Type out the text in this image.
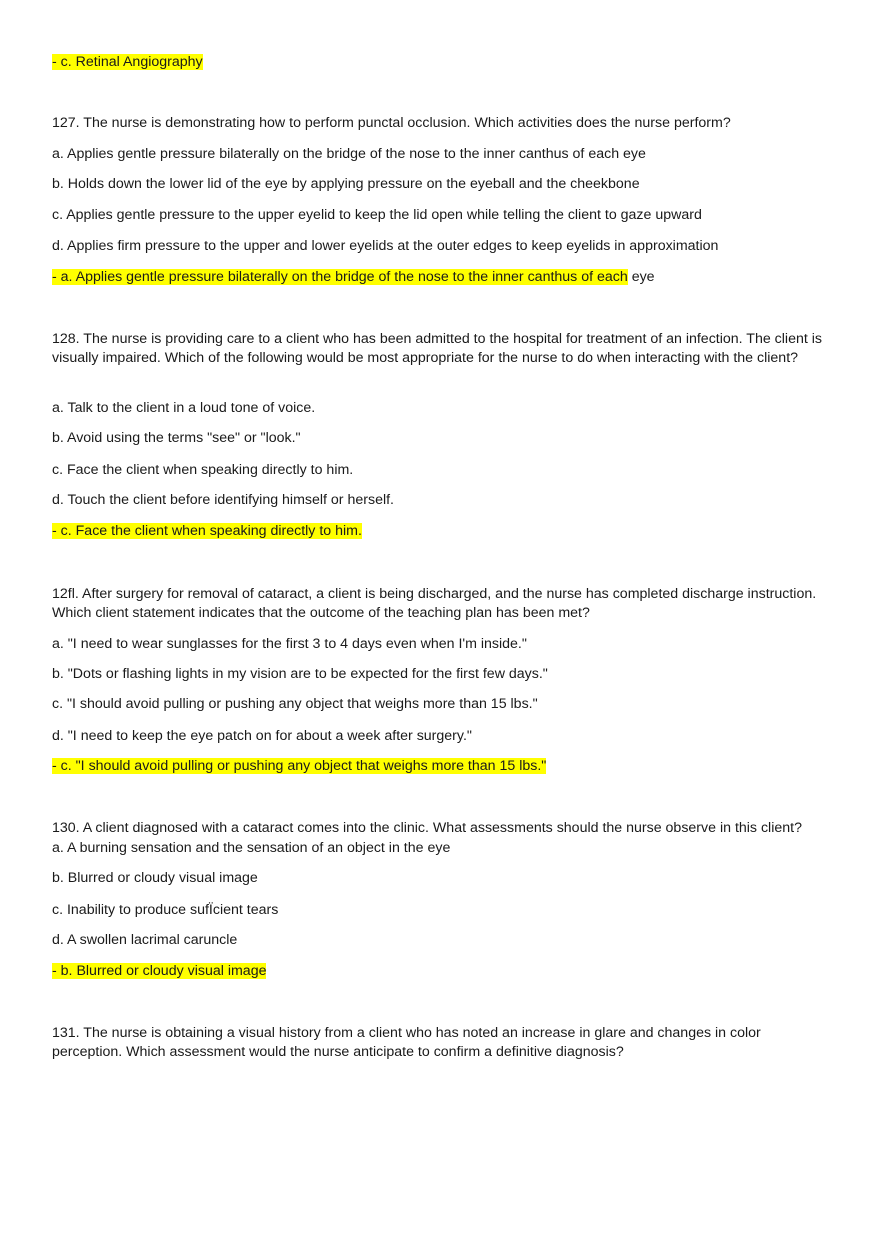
- c. Retinal Angiography
127. The nurse is demonstrating how to perform punctal occlusion. Which activities does the nurse perform?
a. Applies gentle pressure bilaterally on the bridge of the nose to the inner canthus of each eye
b. Holds down the lower lid of the eye by applying pressure on the eyeball and the cheekbone
c. Applies gentle pressure to the upper eyelid to keep the lid open while telling the client to gaze upward
d. Applies firm pressure to the upper and lower eyelids at the outer edges to keep eyelids in approximation
- a. Applies gentle pressure bilaterally on the bridge of the nose to the inner canthus of each eye
128. The nurse is providing care to a client who has been admitted to the hospital for treatment of an infection. The client is visually impaired. Which of the following would be most appropriate for the nurse to do when interacting with the client?
a. Talk to the client in a loud tone of voice.
b. Avoid using the terms "see" or "look."
c. Face the client when speaking directly to him.
d. Touch the client before identifying himself or herself.
- c. Face the client when speaking directly to him.
12fl. After surgery for removal of cataract, a client is being discharged, and the nurse has completed discharge instruction. Which client statement indicates that the outcome of the teaching plan has been met?
a. "I need to wear sunglasses for the first 3 to 4 days even when I'm inside."
b. "Dots or flashing lights in my vision are to be expected for the first few days."
c. "I should avoid pulling or pushing any object that weighs more than 15 lbs."
d. "I need to keep the eye patch on for about a week after surgery."
- c. "I should avoid pulling or pushing any object that weighs more than 15 lbs."
130. A client diagnosed with a cataract comes into the clinic. What assessments should the nurse observe in this client?
a. A burning sensation and the sensation of an object in the eye
b. Blurred or cloudy visual image
c. Inability to produce sufÏcient tears
d. A swollen lacrimal caruncle
- b. Blurred or cloudy visual image
131. The nurse is obtaining a visual history from a client who has noted an increase in glare and changes in color perception. Which assessment would the nurse anticipate to confirm a definitive diagnosis?
